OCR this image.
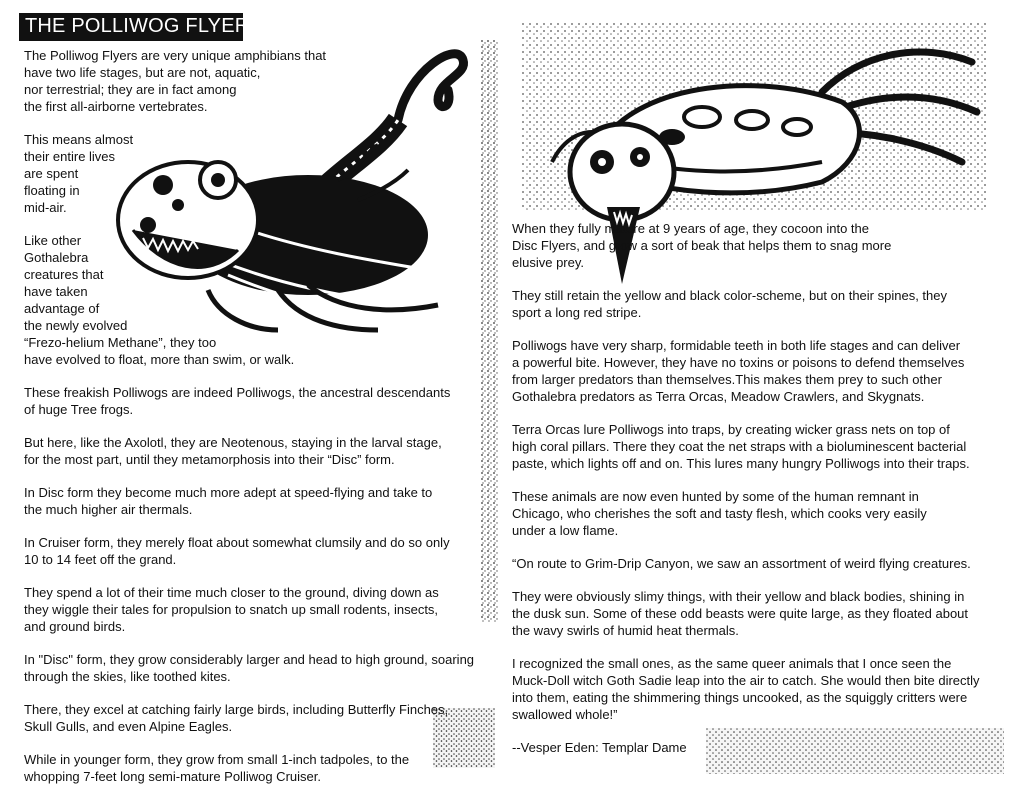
THE POLLIWOG FLYERS

The Polliwog Flyers are very unique amphibians that
have two life stages, but are not, aquatic,
nor terrestrial; they are in fact among
the first all-airborne vertebrates.

This means almost
their entire lives
are spent
floating in
mid-air.

Like other
Gothalebra
creatures that
have taken
advantage of
the newly evolved
“Frezo-helium Methane”, they too
have evolved to float, more than swim, or walk.

These freakish Polliwogs are indeed Polliwogs, the ancestral descendants
of huge Tree frogs.

But here, like the Axolotl, they are Neotenous, staying in the larval stage,
for the most part, until they metamorphosis into their “Disc” form.

In Disc form they become much more adept at speed-flying and take to
the much higher air thermals.

In Cruiser form, they merely float about somewhat clumsily and do so only
10 to 14 feet off the grand.

They spend a lot of their time much closer to the ground, diving down as
they wiggle their tales for propulsion to snatch up small rodents, insects,
and ground birds.

In "Disc" form, they grow considerably larger and head to high ground, soaring
through the skies, like toothed kites.

There, they excel at catching fairly large birds, including Butterfly Finches,
Skull Gulls, and even Alpine Eagles.

While in younger form, they grow from small 1-inch tadpoles, to the
whopping 7-feet long semi-mature Polliwog Cruiser.

When they fully mature at 9 years of age, they cocoon into the
Disc Flyers, and grow a sort of beak that helps them to snag more
elusive prey.

They still retain the yellow and black color-scheme, but on their spines, they
sport a long red stripe.

Polliwogs have very sharp, formidable teeth in both life stages and can deliver
a powerful bite. However, they have no toxins or poisons to defend themselves
from larger predators than themselves.This makes them prey to such other
Gothalebra predators as Terra Orcas, Meadow Crawlers, and Skygnats.

Terra Orcas lure Polliwogs into traps, by creating wicker grass nets on top of
high coral pillars. There they coat the net straps with a bioluminescent bacterial
paste, which lights off and on. This lures many hungry Polliwogs into their traps.

These animals are now even hunted by some of the human remnant in
Chicago, who cherishes the soft and tasty flesh, which cooks very easily
under a low flame.

“On route to Grim-Drip Canyon, we saw an assortment of weird flying creatures.

They were obviously slimy things, with their yellow and black bodies, shining in
the dusk sun. Some of these odd beasts were quite large, as they floated about
the wavy swirls of humid heat thermals.

I recognized the small ones, as the same queer animals that I once seen the
Muck-Doll witch Goth Sadie leap into the air to catch. She would then bite directly
into them, eating the shimmering things uncooked, as the squiggly critters were
swallowed whole!”

--Vesper Eden: Templar Dame
